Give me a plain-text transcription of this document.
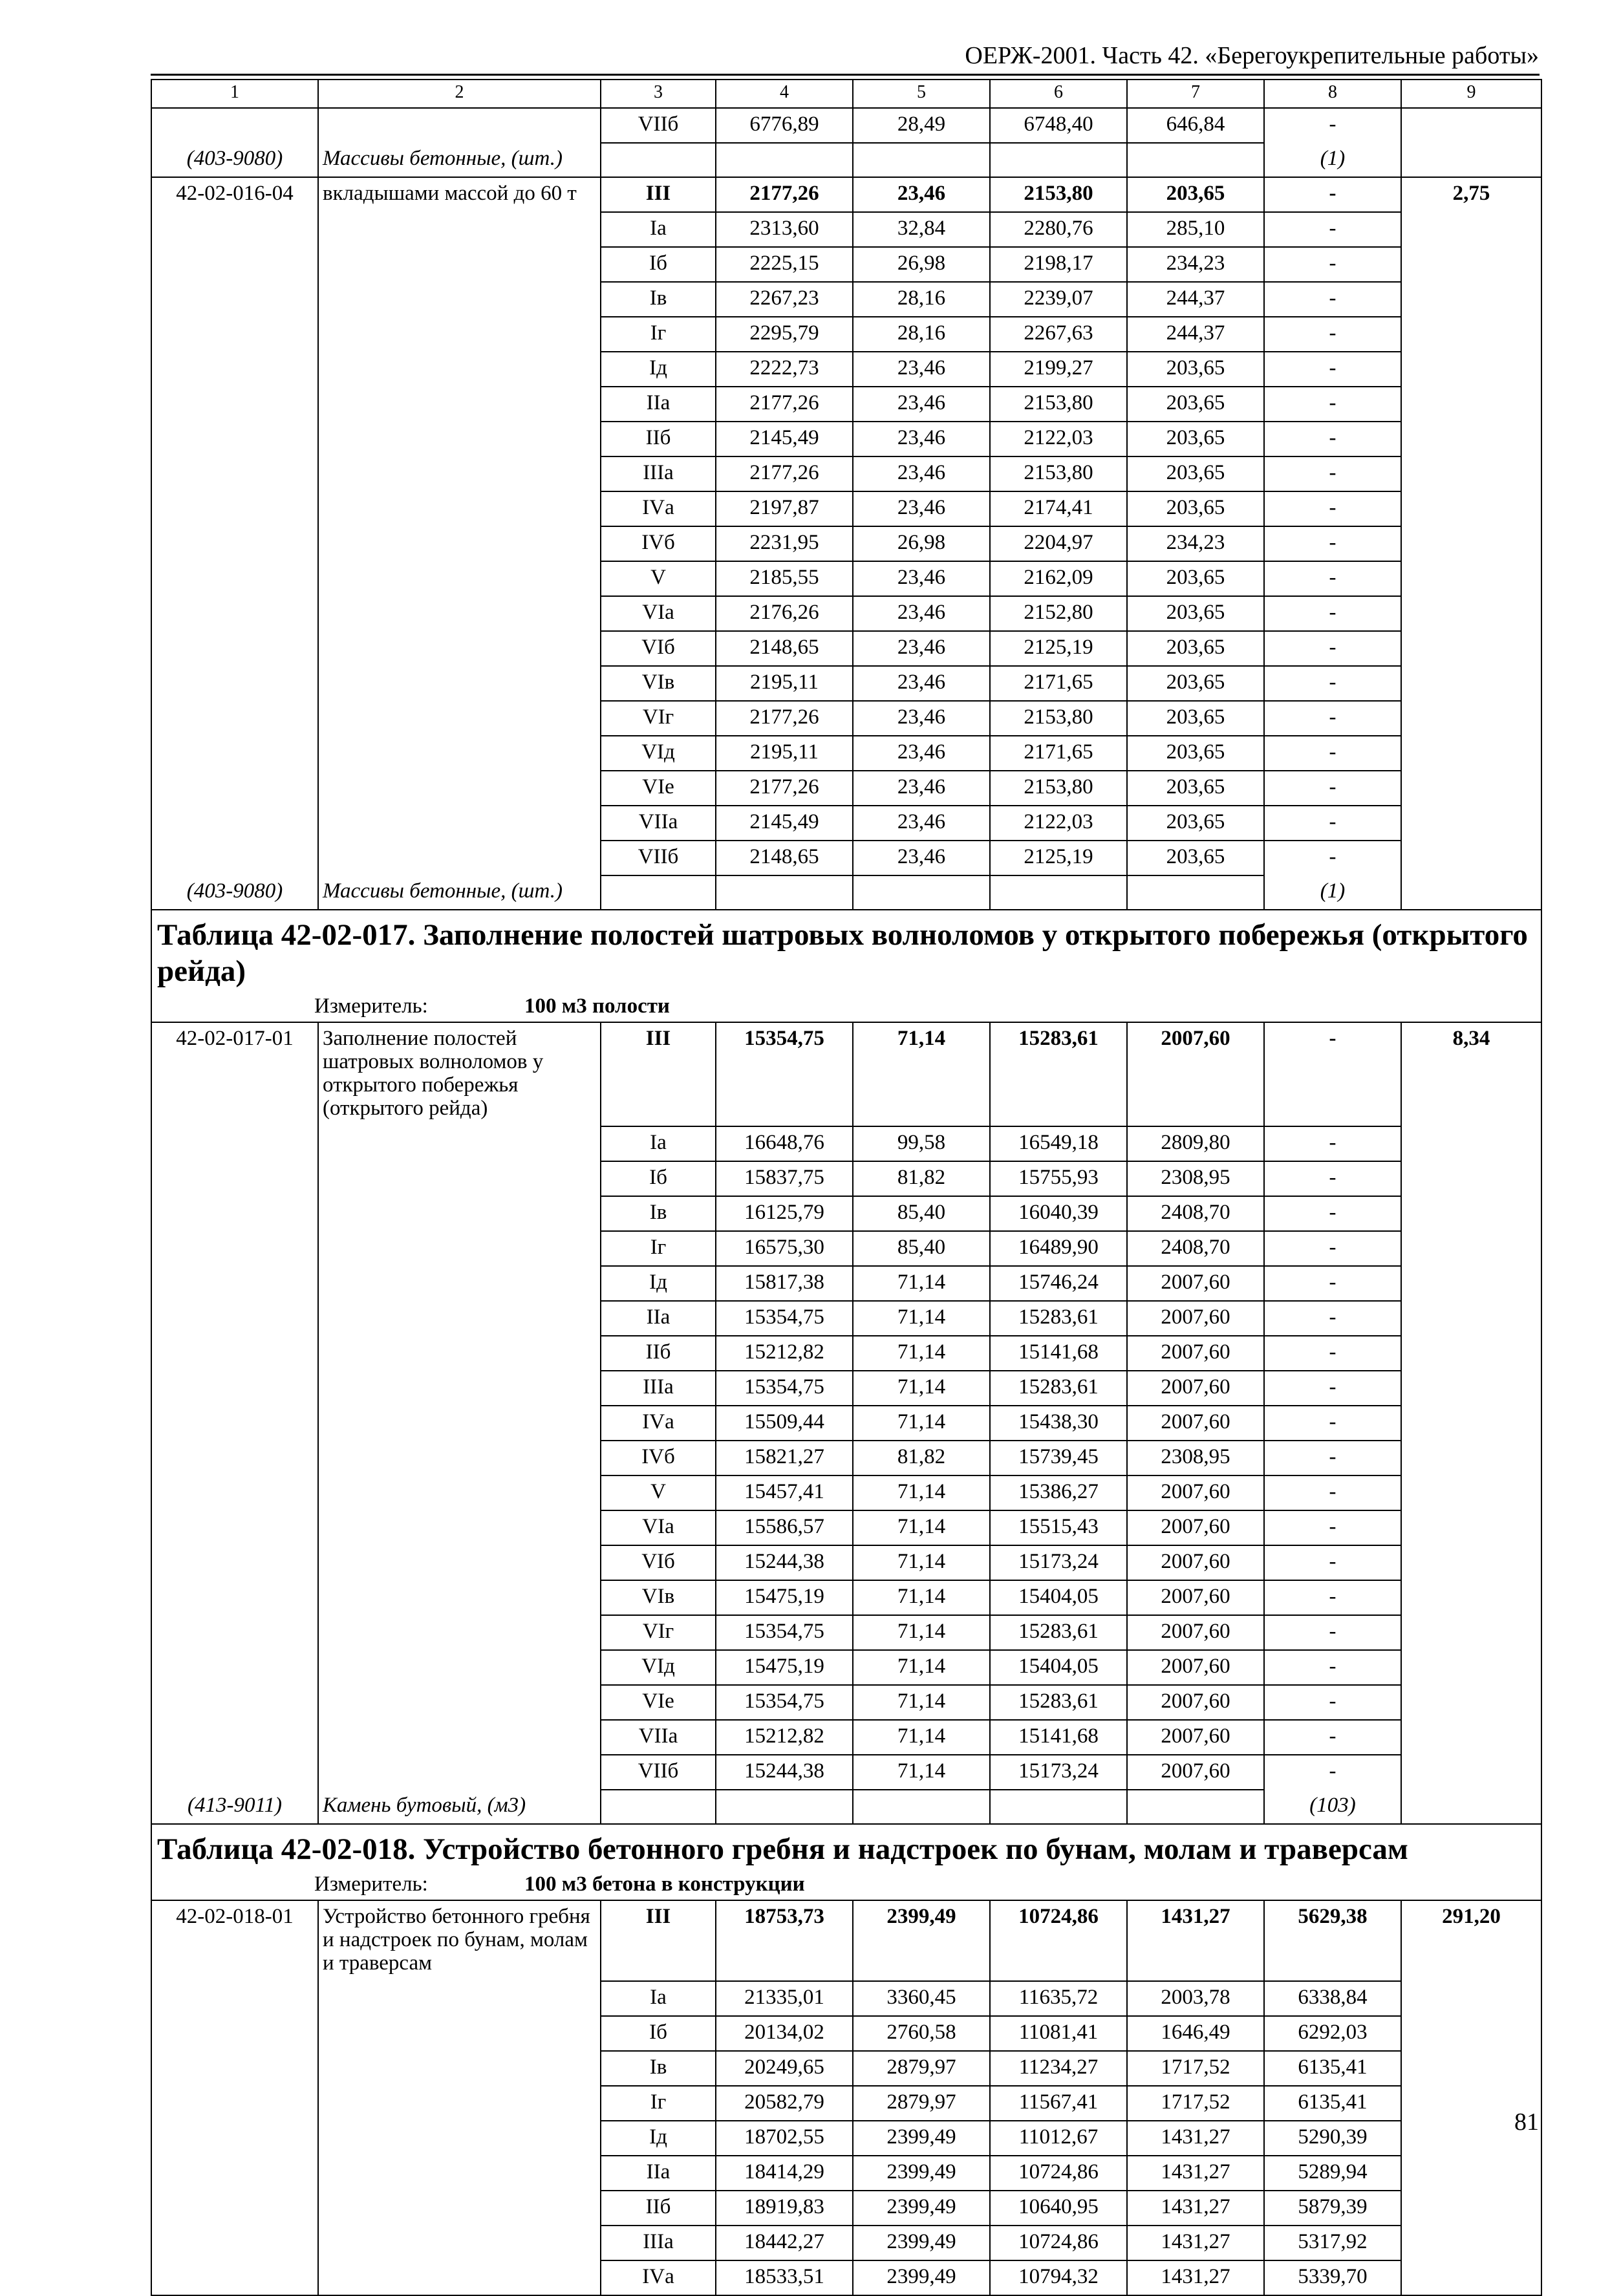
ОЕРЖ-2001. Часть 42. «Берегоукрепительные работы»
1	2	3	4	5	6	7	8	9
		VIIб	6776,89	28,49	6748,40	646,84	-	
(403-9080)	Массивы бетонные, (шт.)						(1)	
42-02-016-04	вкладышами массой до 60 т	III	2177,26	23,46	2153,80	203,65	-	2,75
		Iа	2313,60	32,84	2280,76	285,10	-	
		Iб	2225,15	26,98	2198,17	234,23	-	
		Iв	2267,23	28,16	2239,07	244,37	-	
		Iг	2295,79	28,16	2267,63	244,37	-	
		Iд	2222,73	23,46	2199,27	203,65	-	
		IIа	2177,26	23,46	2153,80	203,65	-	
		IIб	2145,49	23,46	2122,03	203,65	-	
		IIIа	2177,26	23,46	2153,80	203,65	-	
		IVа	2197,87	23,46	2174,41	203,65	-	
		IVб	2231,95	26,98	2204,97	234,23	-	
		V	2185,55	23,46	2162,09	203,65	-	
		VIа	2176,26	23,46	2152,80	203,65	-	
		VIб	2148,65	23,46	2125,19	203,65	-	
		VIв	2195,11	23,46	2171,65	203,65	-	
		VIг	2177,26	23,46	2153,80	203,65	-	
		VIд	2195,11	23,46	2171,65	203,65	-	
		VIе	2177,26	23,46	2153,80	203,65	-	
		VIIа	2145,49	23,46	2122,03	203,65	-	
		VIIб	2148,65	23,46	2125,19	203,65	-	
(403-9080)	Массивы бетонные, (шт.)						(1)	
Таблица 42-02-017. Заполнение полостей шатровых волноломов у открытого побережья (открытого рейда)								
Измеритель: 100 м3 полости								
42-02-017-01	Заполнение полостей шатровых волноломов у открытого побережья (открытого рейда)	III	15354,75	71,14	15283,61	2007,60	-	8,34
		Iа	16648,76	99,58	16549,18	2809,80	-	
		Iб	15837,75	81,82	15755,93	2308,95	-	
		Iв	16125,79	85,40	16040,39	2408,70	-	
		Iг	16575,30	85,40	16489,90	2408,70	-	
		Iд	15817,38	71,14	15746,24	2007,60	-	
		IIа	15354,75	71,14	15283,61	2007,60	-	
		IIб	15212,82	71,14	15141,68	2007,60	-	
		IIIа	15354,75	71,14	15283,61	2007,60	-	
		IVа	15509,44	71,14	15438,30	2007,60	-	
		IVб	15821,27	81,82	15739,45	2308,95	-	
		V	15457,41	71,14	15386,27	2007,60	-	
		VIа	15586,57	71,14	15515,43	2007,60	-	
		VIб	15244,38	71,14	15173,24	2007,60	-	
		VIв	15475,19	71,14	15404,05	2007,60	-	
		VIг	15354,75	71,14	15283,61	2007,60	-	
		VIд	15475,19	71,14	15404,05	2007,60	-	
		VIе	15354,75	71,14	15283,61	2007,60	-	
		VIIа	15212,82	71,14	15141,68	2007,60	-	
		VIIб	15244,38	71,14	15173,24	2007,60	-	
(413-9011)	Камень бутовый, (м3)						(103)	
Таблица 42-02-018. Устройство бетонного гребня и надстроек по бунам, молам и траверсам								
Измеритель: 100 м3 бетона в конструкции								
42-02-018-01	Устройство бетонного гребня и надстроек по бунам, молам и траверсам	III	18753,73	2399,49	10724,86	1431,27	5629,38	291,20
		Iа	21335,01	3360,45	11635,72	2003,78	6338,84	
		Iб	20134,02	2760,58	11081,41	1646,49	6292,03	
		Iв	20249,65	2879,97	11234,27	1717,52	6135,41	
		Iг	20582,79	2879,97	11567,41	1717,52	6135,41	
		Iд	18702,55	2399,49	11012,67	1431,27	5290,39	
		IIа	18414,29	2399,49	10724,86	1431,27	5289,94	
		IIб	18919,83	2399,49	10640,95	1431,27	5879,39	
		IIIа	18442,27	2399,49	10724,86	1431,27	5317,92	
		IVа	18533,51	2399,49	10794,32	1431,27	5339,70	
81
